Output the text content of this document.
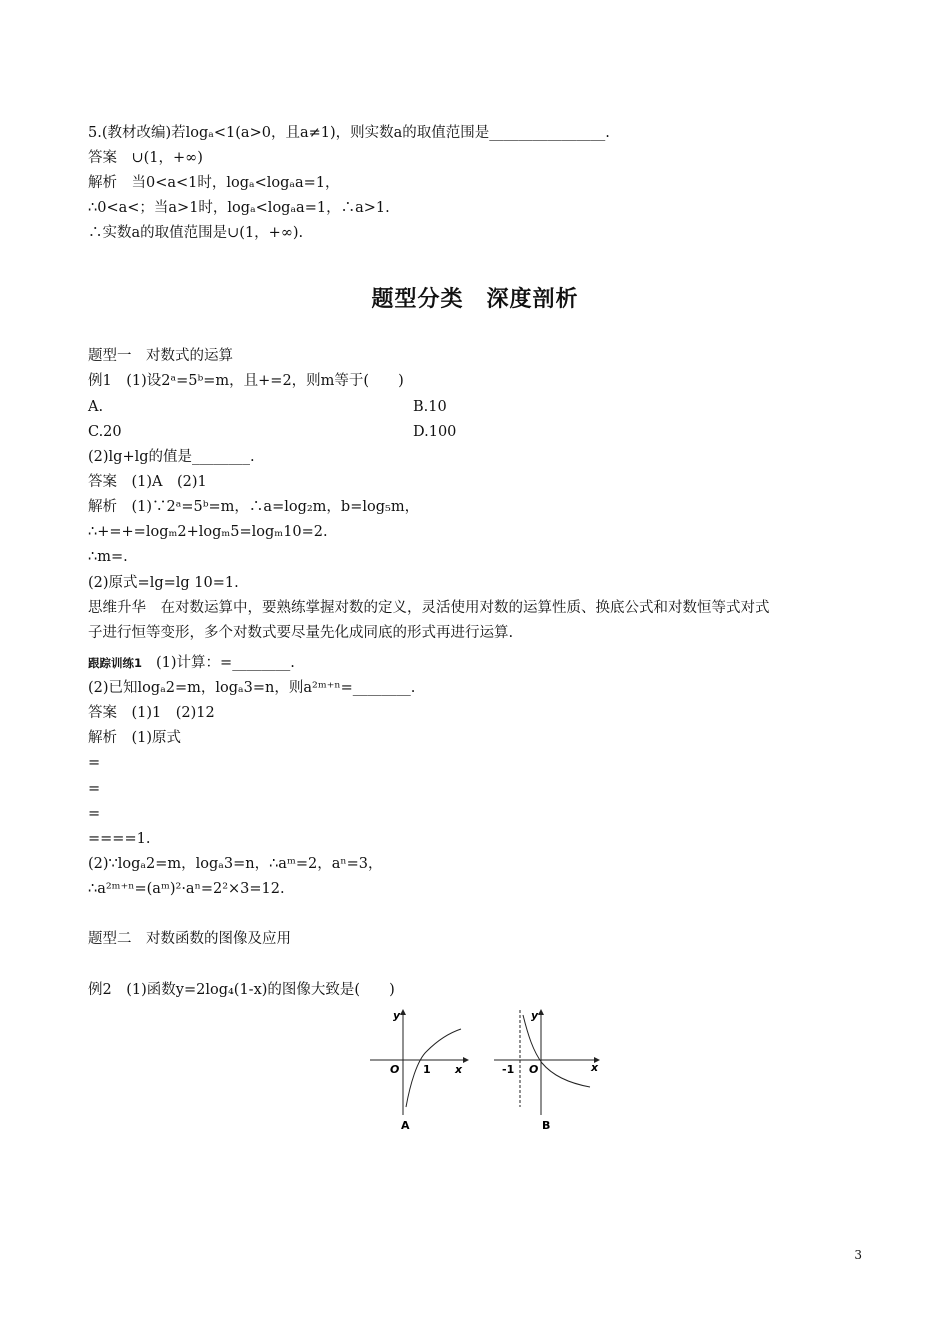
5.(教材改编)若logₐ<1(a>0，且a≠1)，则实数a的取值范围是________________.
答案　∪(1，+∞)
解析　当0<a<1时，logₐ<logₐa=1，
∴0<a<；当a>1时，logₐ<logₐa=1，∴a>1.
∴实数a的取值范围是∪(1，+∞).
题型分类　深度剖析
题型一　对数式的运算
例1　(1)设2ᵃ=5ᵇ=m，且+=2，则m等于(　　)
A.	B.10
C.20	D.100
(2)lg+lg的值是________.
答案　(1)A　(2)1
解析　(1)∵2ᵃ=5ᵇ=m，∴a=log₂m，b=log₅m，
∴+=+=logₘ2+logₘ5=logₘ10=2.
∴m=.
(2)原式=lg=lg 10=1.
思维升华　在对数运算中，要熟练掌握对数的定义，灵活使用对数的运算性质、换底公式和对数恒等式对式
子进行恒等变形，多个对数式要尽量先化成同底的形式再进行运算.
跟踪训练1 (1)计算：=________.
(2)已知logₐ2=m，logₐ3=n，则a²ᵐ⁺ⁿ=________.
答案　(1)1　(2)12
解析　(1)原式
=
=
=
====1.
(2)∵logₐ2=m，logₐ3=n，∴aᵐ=2，aⁿ=3，
∴a²ᵐ⁺ⁿ=(aᵐ)²·aⁿ=2²×3=12.
题型二　对数函数的图像及应用
例2　(1)函数y=2log₄(1-x)的图像大致是(　　)
y
x
O 1
A
y
x
O
-1
B
3
